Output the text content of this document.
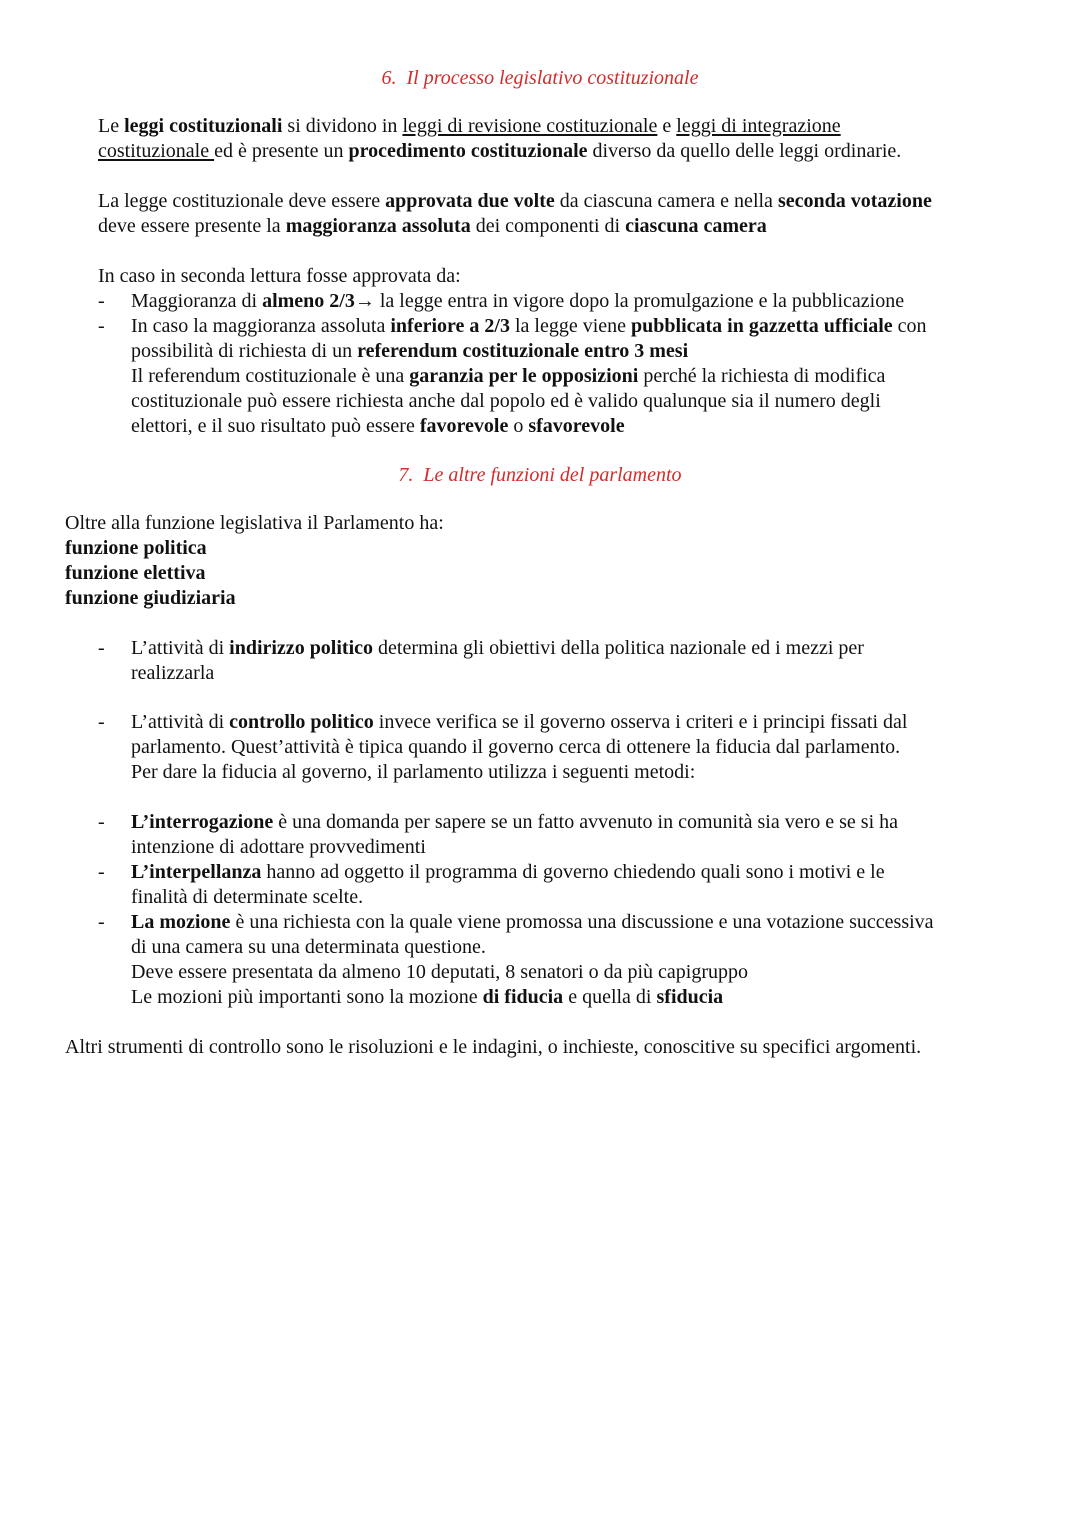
6. Il processo legislativo costituzionale

Le leggi costituzionali si dividono in leggi di revisione costituzionale e leggi di integrazione
costituzionale ed è presente un procedimento costituzionale diverso da quello delle leggi ordinarie.

La legge costituzionale deve essere approvata due volte da ciascuna camera e nella seconda votazione
deve essere presente la maggioranza assoluta dei componenti di ciascuna camera

In caso in seconda lettura fosse approvata da:

- Maggioranza di almeno 2/3→ la legge entra in vigore dopo la promulgazione e la pubblicazione

- In caso la maggioranza assoluta inferiore a 2/3 la legge viene pubblicata in gazzetta ufficiale con
possibilità di richiesta di un referendum costituzionale entro 3 mesi
Il referendum costituzionale è una garanzia per le opposizioni perché la richiesta di modifica
costituzionale può essere richiesta anche dal popolo ed è valido qualunque sia il numero degli
elettori, e il suo risultato può essere favorevole o sfavorevole

7. Le altre funzioni del parlamento

Oltre alla funzione legislativa il Parlamento ha:

funzione politica

funzione elettiva

funzione giudiziaria

- L’attività di indirizzo politico determina gli obiettivi della politica nazionale ed i mezzi per
realizzarla

- L’attività di controllo politico invece verifica se il governo osserva i criteri e i principi fissati dal
parlamento. Quest’attività è tipica quando il governo cerca di ottenere la fiducia dal parlamento.
Per dare la fiducia al governo, il parlamento utilizza i seguenti metodi:

- L’interrogazione è una domanda per sapere se un fatto avvenuto in comunità sia vero e se si ha
intenzione di adottare provvedimenti

- L’interpellanza hanno ad oggetto il programma di governo chiedendo quali sono i motivi e le
finalità di determinate scelte.

- La mozione è una richiesta con la quale viene promossa una discussione e una votazione successiva
di una camera su una determinata questione.
Deve essere presentata da almeno 10 deputati, 8 senatori o da più capigruppo
Le mozioni più importanti sono la mozione di fiducia e quella di sfiducia

Altri strumenti di controllo sono le risoluzioni e le indagini, o inchieste, conoscitive su specifici argomenti.
